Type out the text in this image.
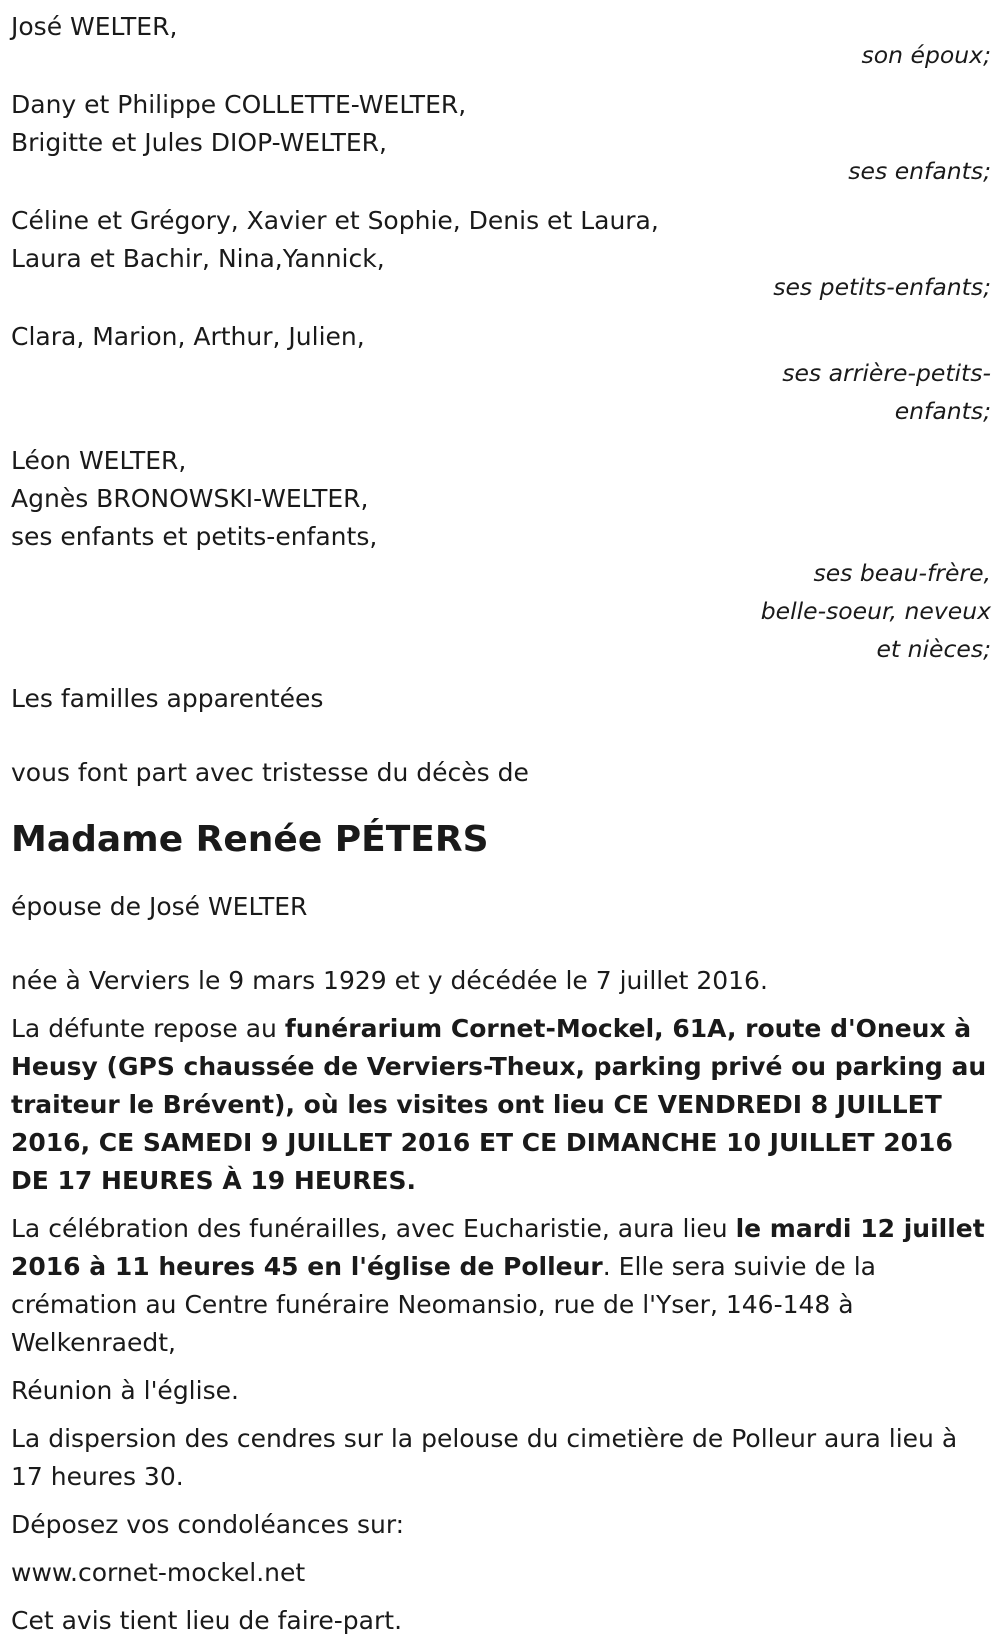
José WELTER,
son époux;
Dany et Philippe COLLETTE-WELTER,
Brigitte et Jules DIOP-WELTER,
ses enfants;
Céline et Grégory, Xavier et Sophie, Denis et Laura,
Laura et Bachir, Nina,Yannick,
ses petits-enfants;
Clara, Marion, Arthur, Julien,
ses arrière-petits-
enfants;
Léon WELTER,
Agnès BRONOWSKI-WELTER,
ses enfants et petits-enfants,
ses beau-frère,
belle-soeur, neveux
et nièces;
Les familles apparentées
vous font part avec tristesse du décès de
Madame Renée PÉTERS
épouse de José WELTER

née à Verviers le 9 mars 1929 et y décédée le 7 juillet 2016.

La défunte repose au funérarium Cornet-Mockel, 61A, route d'Oneux à Heusy (GPS chaussée de Verviers-Theux, parking privé ou parking au traiteur le Brévent), où les visites ont lieu CE VENDREDI 8 JUILLET 2016, CE SAMEDI 9 JUILLET 2016 ET CE DIMANCHE 10 JUILLET 2016 DE 17 HEURES À 19 HEURES.

La célébration des funérailles, avec Eucharistie, aura lieu le mardi 12 juillet 2016 à 11 heures 45 en l'église de Polleur. Elle sera suivie de la crémation au Centre funéraire Neomansio, rue de l'Yser, 146-148 à Welkenraedt,

Réunion à l'église.

La dispersion des cendres sur la pelouse du cimetière de Polleur aura lieu à 17 heures 30.

Déposez vos condoléances sur:

www.cornet-mockel.net

Cet avis tient lieu de faire-part.
